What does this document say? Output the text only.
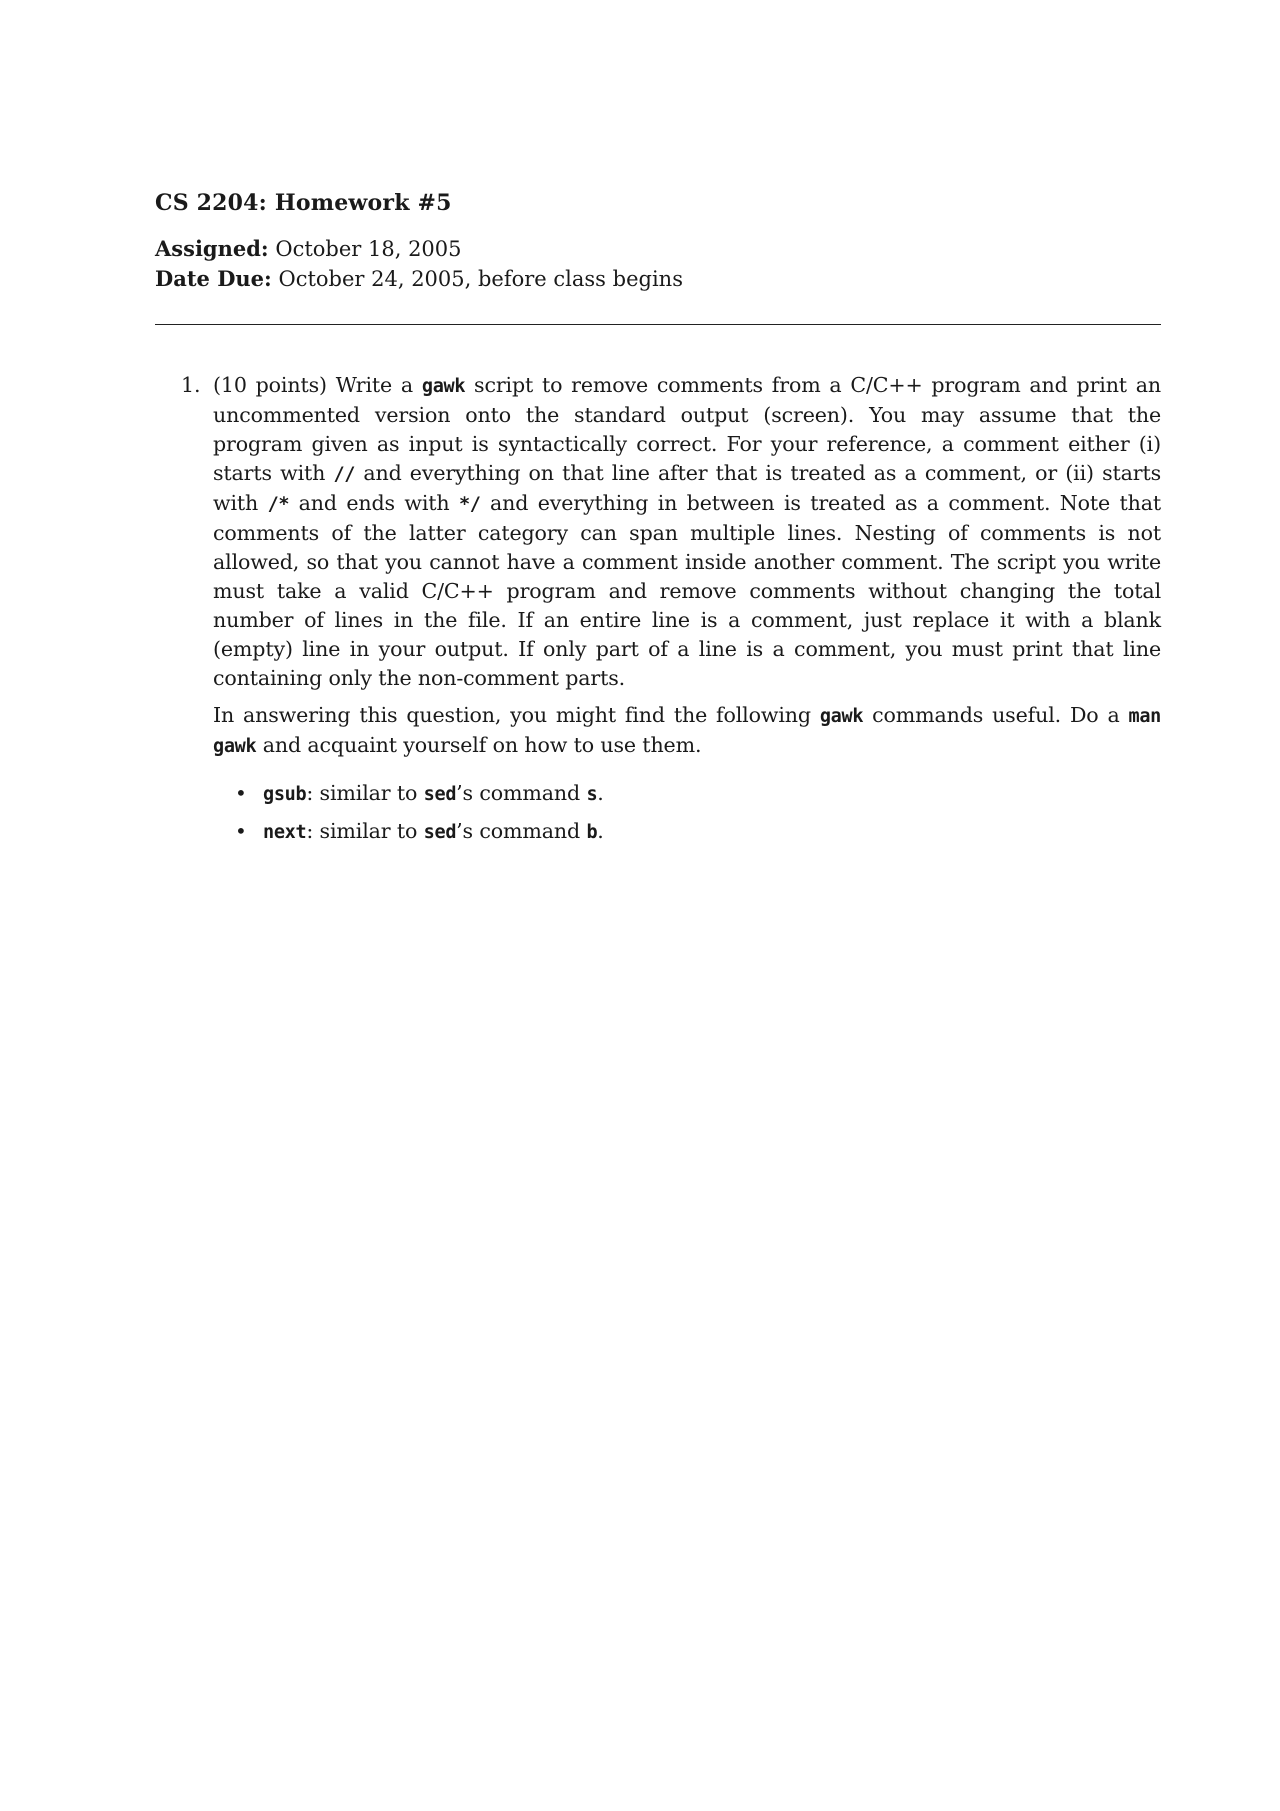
CS 2204: Homework #5
Assigned: October 18, 2005
Date Due: October 24, 2005, before class begins
1. (10 points) Write a gawk script to remove comments from a C/C++ program and print an uncommented version onto the standard output (screen). You may assume that the program given as input is syntactically correct. For your reference, a comment either (i) starts with // and everything on that line after that is treated as a comment, or (ii) starts with /* and ends with */ and everything in between is treated as a comment. Note that comments of the latter category can span multiple lines. Nesting of comments is not allowed, so that you cannot have a comment inside another comment. The script you write must take a valid C/C++ program and remove comments without changing the total number of lines in the file. If an entire line is a comment, just replace it with a blank (empty) line in your output. If only part of a line is a comment, you must print that line containing only the non-comment parts.

In answering this question, you might find the following gawk commands useful. Do a man gawk and acquaint yourself on how to use them.

• gsub: similar to sed’s command s.
• next: similar to sed’s command b.
